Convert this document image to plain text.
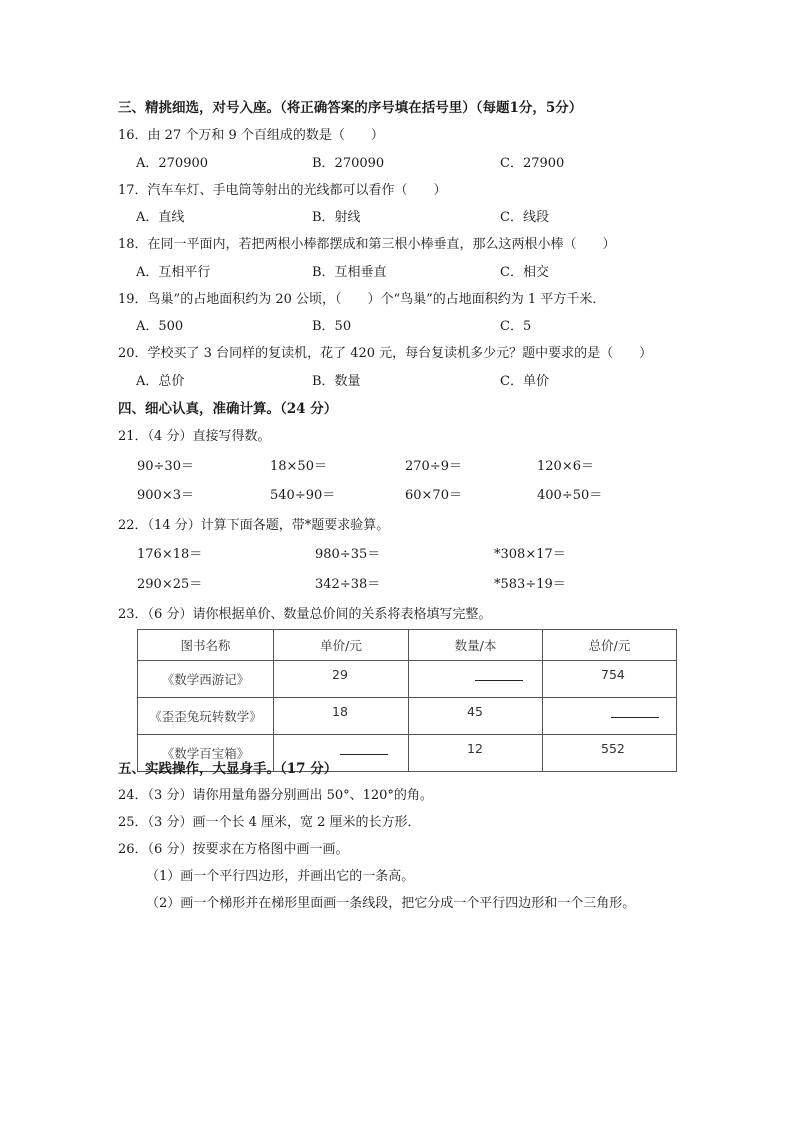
三、精挑细选，对号入座。（将正确答案的序号填在括号里）（每题1分，5分）
16．由 27 个万和 9 个百组成的数是（　　）
A．270900	B．270090	C．27900
17．汽车车灯、手电筒等射出的光线都可以看作（　　）
A．直线	B．射线	C．线段
18．在同一平面内，若把两根小棒都摆成和第三根小棒垂直，那么这两根小棒（　　）
A．互相平行	B．互相垂直	C．相交
19．鸟巢”的占地面积约为 20 公顷，（　　）个“鸟巢”的占地面积约为 1 平方千米．
A．500	B．50	C．5
20．学校买了 3 台同样的复读机，花了 420 元，每台复读机多少元？题中要求的是（　　）
A．总价	B．数量	C．单价
四、细心认真，准确计算。（24 分）
21．（4 分）直接写得数。
90÷30＝	18×50＝	270÷9＝	120×6＝
900×3＝	540÷90＝	60×70＝	400÷50＝
22．（14 分）计算下面各题，带*题要求验算。
176×18＝	980÷35＝	*308×17＝
290×25＝	342÷38＝	*583÷19＝
23．（6 分）请你根据单价、数量总价间的关系将表格填写完整。
图书名称	单价/元	数量/本	总价/元
《数学西游记》	29		754
《歪歪兔玩转数学》	18	45	
《数学百宝箱》		12	552
五、实践操作，大显身手。（17 分）
24．（3 分）请你用量角器分别画出 50°、120°的角。
25．（3 分）画一个长 4 厘米，宽 2 厘米的长方形．
26．（6 分）按要求在方格图中画一画。
（1）画一个平行四边形，并画出它的一条高。
（2）画一个梯形并在梯形里面画一条线段，把它分成一个平行四边形和一个三角形。
